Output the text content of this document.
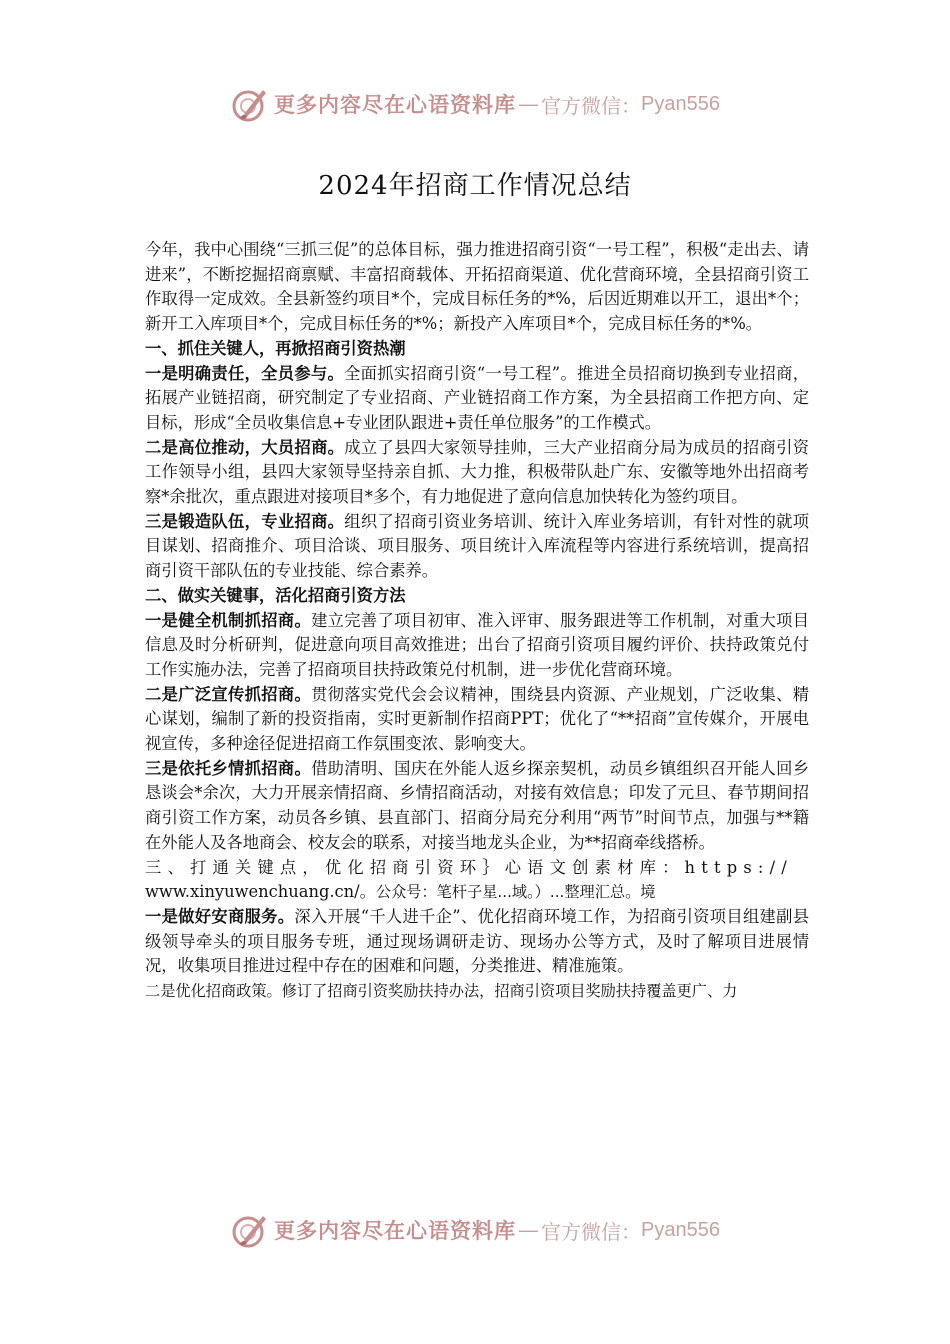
更多内容尽在心语资料库 — 官方微信： Pyan556
2024年招商工作情况总结

今年，我中心围绕“三抓三促”的总体目标，强力推进招商引资“一号工程”，积极“走出去、请进来”，不断挖掘招商禀赋、丰富招商载体、开拓招商渠道、优化营商环境，全县招商引资工作取得一定成效。全县新签约项目*个，完成目标任务的*%，后因近期难以开工，退出*个；新开工入库项目*个，完成目标任务的*%；新投产入库项目*个，完成目标任务的*%。

一、抓住关键人，再掀招商引资热潮

一是明确责任，全员参与。全面抓实招商引资“一号工程”。推进全员招商切换到专业招商，拓展产业链招商，研究制定了专业招商、产业链招商工作方案，为全县招商工作把方向、定目标，形成“全员收集信息+专业团队跟进+责任单位服务”的工作模式。

二是高位推动，大员招商。成立了县四大家领导挂帅，三大产业招商分局为成员的招商引资工作领导小组，县四大家领导坚持亲自抓、大力推，积极带队赴广东、安徽等地外出招商考察*余批次，重点跟进对接项目*多个，有力地促进了意向信息加快转化为签约项目。

三是锻造队伍，专业招商。组织了招商引资业务培训、统计入库业务培训，有针对性的就项目谋划、招商推介、项目洽谈、项目服务、项目统计入库流程等内容进行系统培训，提高招商引资干部队伍的专业技能、综合素养。

二、做实关键事，活化招商引资方法

一是健全机制抓招商。建立完善了项目初审、准入评审、服务跟进等工作机制，对重大项目信息及时分析研判，促进意向项目高效推进；出台了招商引资项目履约评价、扶持政策兑付工作实施办法，完善了招商项目扶持政策兑付机制，进一步优化营商环境。

二是广泛宣传抓招商。贯彻落实党代会会议精神，围绕县内资源、产业规划，广泛收集、精心谋划，编制了新的投资指南，实时更新制作招商PPT；优化了“**招商”宣传媒介，开展电视宣传，多种途径促进招商工作氛围变浓、影响变大。

三是依托乡情抓招商。借助清明、国庆在外能人返乡探亲契机，动员乡镇组织召开能人回乡恳谈会*余次，大力开展亲情招商、乡情招商活动，对接有效信息；印发了元旦、春节期间招商引资工作方案，动员各乡镇、县直部门、招商分局充分利用“两节”时间节点，加强与**籍在外能人及各地商会、校友会的联系，对接当地龙头企业，为**招商牵线搭桥。

三、打通关键点，优化招商引资环｝心语文创素材库：https://
www.xinyuwenchuang.cn/。公众号：笔杆子星...域。）...整理汇总。境

一是做好安商服务。深入开展“千人进千企”、优化招商环境工作，为招商引资项目组建副县级领导牵头的项目服务专班，通过现场调研走访、现场办公等方式，及时了解项目进展情况，收集项目推进过程中存在的困难和问题，分类推进、精准施策。

二是优化招商政策。修订了招商引资奖励扶持办法，招商引资项目奖励扶持覆盖更广、力

更多内容尽在心语资料库 — 官方微信： Pyan556
